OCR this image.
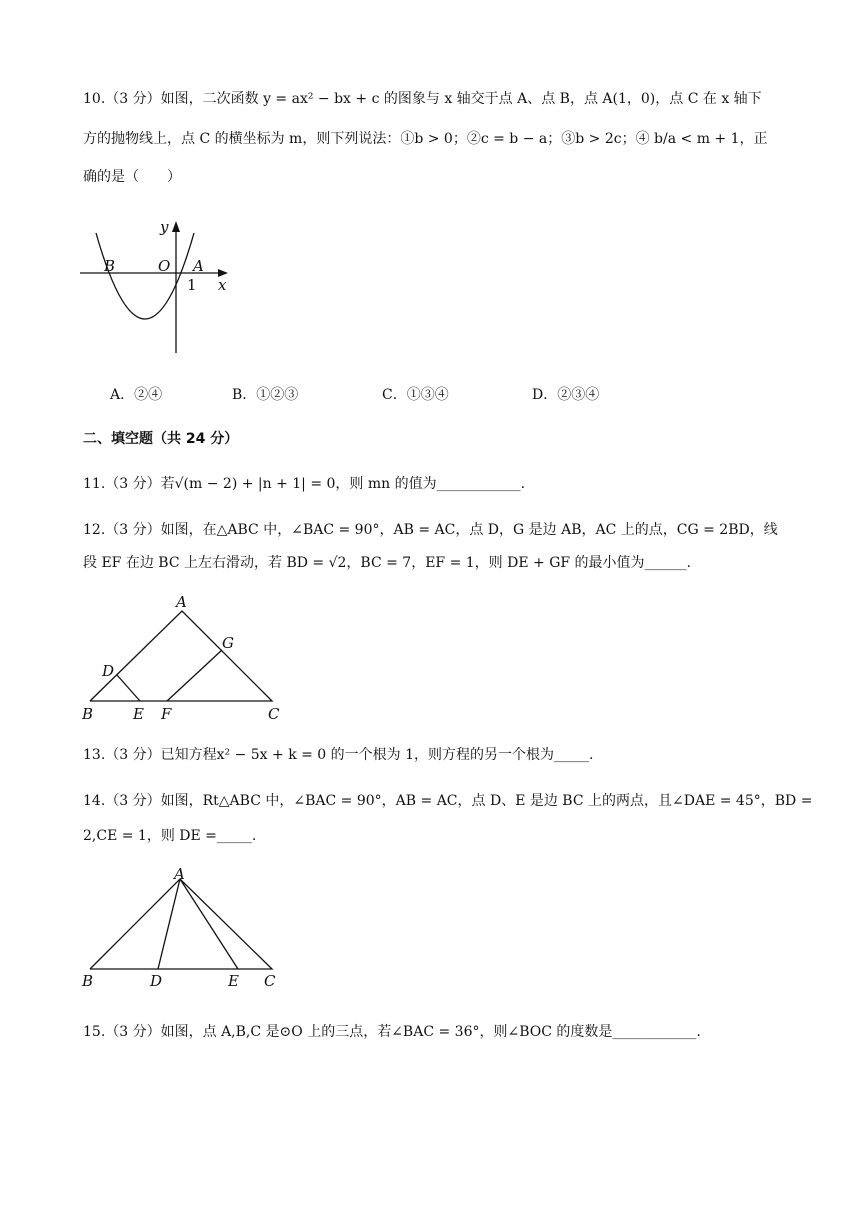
10.（3 分）如图，二次函数 y = ax² − bx + c 的图象与 x 轴交于点 A、点 B，点 A(1，0)，点 C 在 x 轴下
方的抛物线上，点 C 的横坐标为 m，则下列说法：①b > 0；②c = b − a；③b > 2c；④ b/a < m + 1，正
确的是（　　）
y
B	O A
1 x
A．②④	B．①②③	C．①③④	D．②③④
二、填空题（共 24 分）
11.（3 分）若√(m − 2) + |n + 1| = 0，则 mn 的值为____________.
12.（3 分）如图，在△ABC 中，∠BAC = 90°，AB = AC，点 D，G 是边 AB，AC 上的点，CG = 2BD，线
段 EF 在边 BC 上左右滑动，若 BD = √2，BC = 7，EF = 1，则 DE + GF 的最小值为______.
A
G
D
B	E F	C
13.（3 分）已知方程x² − 5x + k = 0 的一个根为 1，则方程的另一个根为_____.
14.（3 分）如图，Rt△ABC 中，∠BAC = 90°，AB = AC，点 D、E 是边 BC 上的两点，且∠DAE = 45°，BD =
2,CE = 1，则 DE =_____.
A
B	D	E C
15.（3 分）如图，点 A,B,C 是⊙O 上的三点，若∠BAC = 36°，则∠BOC 的度数是____________.
